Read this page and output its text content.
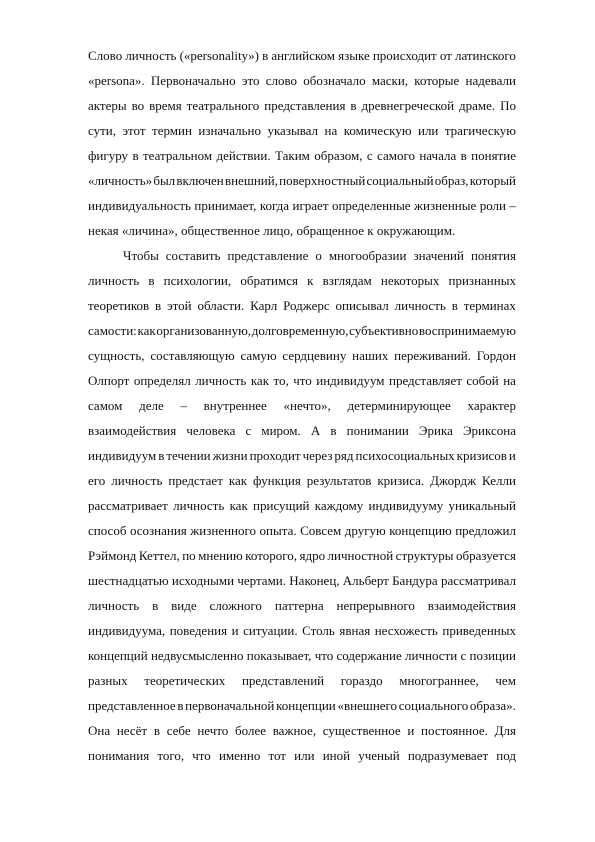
Слово личность («personality») в английском языке происходит от латинского
«persona». Первоначально это слово обозначало маски, которые надевали
актеры во время театрального представления в древнегреческой драме. По
сути, этот термин изначально указывал на комическую или трагическую
фигуру в театральном действии. Таким образом, с самого начала в понятие
«личность» был включен внешний, поверхностный социальный образ, который
индивидуальность принимает, когда играет определенные жизненные роли –
некая «личина», общественное лицо, обращенное к окружающим.
Чтобы составить представление о многообразии значений понятия
личность в психологии, обратимся к взглядам некоторых признанных
теоретиков в этой области. Карл Роджерс описывал личность в терминах
самости: как организованную, долговременную, субъективно воспринимаемую
сущность, составляющую самую сердцевину наших переживаний. Гордон
Олпорт определял личность как то, что индивидуум представляет собой на
самом деле – внутреннее «нечто», детерминирующее характер
взаимодействия человека с миром. А в понимании Эрика Эриксона
индивидуум в течении жизни проходит через ряд психосоциальных кризисов и
его личность предстает как функция результатов кризиса. Джордж Келли
рассматривает личность как присущий каждому индивидууму уникальный
способ осознания жизненного опыта. Совсем другую концепцию предложил
Рэймонд Кеттел, по мнению которого, ядро личностной структуры образуется
шестнадцатью исходными чертами. Наконец, Альберт Бандура рассматривал
личность в виде сложного паттерна непрерывного взаимодействия
индивидуума, поведения и ситуации. Столь явная несхожесть приведенных
концепций недвусмысленно показывает, что содержание личности с позиции
разных теоретических представлений гораздо многограннее, чем
представленное в первоначальной концепции «внешнего социального образа».
Она несёт в себе нечто более важное, существенное и постоянное. Для
понимания того, что именно тот или иной ученый подразумевает под
